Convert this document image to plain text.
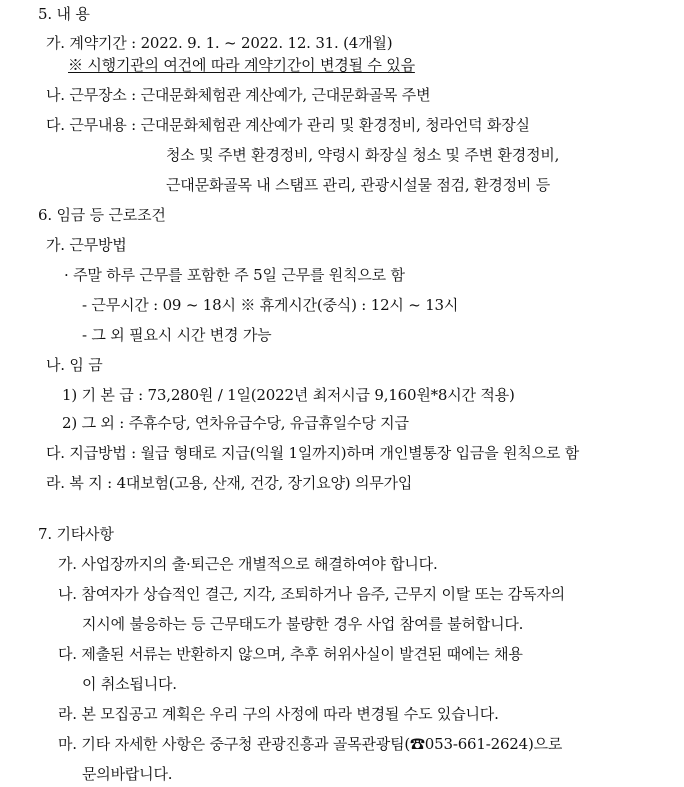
5. 내 용

가. 계약기간 : 2022. 9. 1. ~ 2022. 12. 31. (4개월)

※ 시행기관의 여건에 따라 계약기간이 변경될 수 있음

나. 근무장소 : 근대문화체험관 계산예가, 근대문화골목 주변

다. 근무내용 : 근대문화체험관 계산예가 관리 및 환경정비, 청라언덕 화장실

청소 및 주변 환경정비, 약령시 화장실 청소 및 주변 환경정비,

근대문화골목 내 스탬프 관리, 관광시설물 점검, 환경정비 등

6. 임금 등 근로조건

가. 근무방법

· 주말 하루 근무를 포함한 주 5일 근무를 원칙으로 함

- 근무시간 : 09 ~ 18시 ※ 휴게시간(중식) : 12시 ~ 13시

- 그 외 필요시 시간 변경 가능

나. 임 금

1) 기 본 급 : 73,280원 / 1일(2022년 최저시급 9,160원*8시간 적용)

2) 그 외 : 주휴수당, 연차유급수당, 유급휴일수당 지급

다. 지급방법 : 월급 형태로 지급(익월 1일까지)하며 개인별통장 입금을 원칙으로 함

라. 복 지 : 4대보험(고용, 산재, 건강, 장기요양) 의무가입

7. 기타사항

가. 사업장까지의 출·퇴근은 개별적으로 해결하여야 합니다.

나. 참여자가 상습적인 결근, 지각, 조퇴하거나 음주, 근무지 이탈 또는 감독자의

지시에 불응하는 등 근무태도가 불량한 경우 사업 참여를 불허합니다.

다. 제출된 서류는 반환하지 않으며, 추후 허위사실이 발견된 때에는 채용

이 취소됩니다.

라. 본 모집공고 계획은 우리 구의 사정에 따라 변경될 수도 있습니다.

마. 기타 자세한 사항은 중구청 관광진흥과 골목관광팀(☎053-661-2624)으로

문의바랍니다.
